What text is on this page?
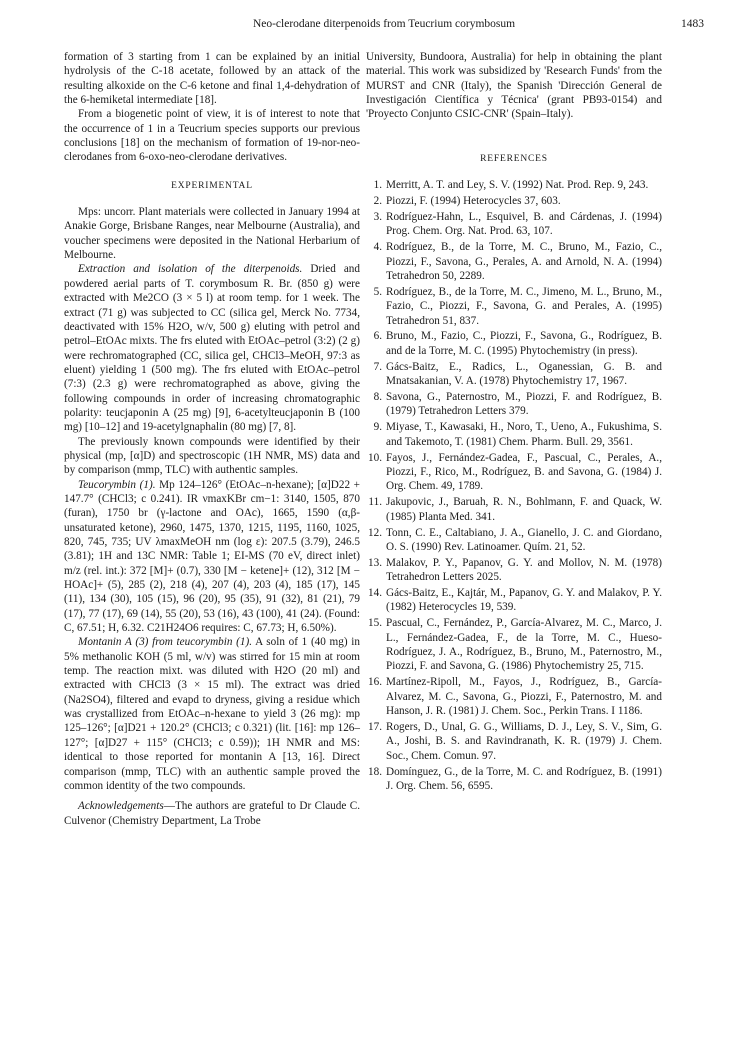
Neo-clerodane diterpenoids from Teucrium corymbosum	1483

formation of 3 starting from 1 can be explained by an initial hydrolysis of the C-18 acetate, followed by an attack of the resulting alkoxide on the C-6 ketone and final 1,4-dehydration of the 6-hemiketal intermediate [18].

From a biogenetic point of view, it is of interest to note that the occurrence of 1 in a Teucrium species supports our previous conclusions [18] on the mechanism of formation of 19-nor-neo-clerodanes from 6-oxo-neo-clerodane derivatives.

EXPERIMENTAL

Mps: uncorr. Plant materials were collected in January 1994 at Anakie Gorge, Brisbane Ranges, near Melbourne (Australia), and voucher specimens were deposited in the National Herbarium of Melbourne.

Extraction and isolation of the diterpenoids. Dried and powdered aerial parts of T. corymbosum R. Br. (850 g) were extracted with Me2CO (3 × 5 l) at room temp. for 1 week. The extract (71 g) was subjected to CC (silica gel, Merck No. 7734, deactivated with 15% H2O, w/v, 500 g) eluting with petrol and petrol–EtOAc mixts. The frs eluted with EtOAc–petrol (3:2) (2 g) were rechromatographed (CC, silica gel, CHCl3–MeOH, 97:3 as eluent) yielding 1 (500 mg). The frs eluted with EtOAc–petrol (7:3) (2.3 g) were rechromatographed as above, giving the following compounds in order of increasing chromatographic polarity: teucjaponin A (25 mg) [9], 6-acetylteucjaponin B (100 mg) [10–12] and 19-acetylgnaphalin (80 mg) [7, 8].

The previously known compounds were identified by their physical (mp, [α]D) and spectroscopic (1H NMR, MS) data and by comparison (mmp, TLC) with authentic samples.

Teucorymbin (1). Mp 124–126° (EtOAc–n-hexane); [α]D22 + 147.7° (CHCl3; c 0.241). IR νmaxKBr cm−1: 3140, 1505, 870 (furan), 1750 br (γ-lactone and OAc), 1665, 1590 (α,β-unsaturated ketone), 2960, 1475, 1370, 1215, 1195, 1160, 1025, 820, 745, 735; UV λmaxMeOH nm (log ε): 207.5 (3.79), 246.5 (3.81); 1H and 13C NMR: Table 1; EI-MS (70 eV, direct inlet) m/z (rel. int.): 372 [M]+ (0.7), 330 [M − ketene]+ (12), 312 [M − HOAc]+ (5), 285 (2), 218 (4), 207 (4), 203 (4), 185 (17), 145 (11), 134 (30), 105 (15), 96 (20), 95 (35), 91 (32), 81 (21), 79 (17), 77 (17), 69 (14), 55 (20), 53 (16), 43 (100), 41 (24). (Found: C, 67.51; H, 6.32. C21H24O6 requires: C, 67.73; H, 6.50%).

Montanin A (3) from teucorymbin (1). A soln of 1 (40 mg) in 5% methanolic KOH (5 ml, w/v) was stirred for 15 min at room temp. The reaction mixt. was diluted with H2O (20 ml) and extracted with CHCl3 (3 × 15 ml). The extract was dried (Na2SO4), filtered and evapd to dryness, giving a residue which was crystallized from EtOAc–n-hexane to yield 3 (26 mg): mp 125–126°; [α]D21 + 120.2° (CHCl3; c 0.321) (lit. [16]: mp 126–127°; [α]D27 + 115° (CHCl3; c 0.59)); 1H NMR and MS: identical to those reported for montanin A [13, 16]. Direct comparison (mmp, TLC) with an authentic sample proved the common identity of the two compounds.

Acknowledgements—The authors are grateful to Dr Claude C. Culvenor (Chemistry Department, La Trobe

University, Bundoora, Australia) for help in obtaining the plant material. This work was subsidized by 'Research Funds' from the MURST and CNR (Italy), the Spanish 'Dirección General de Investigación Científica y Técnica' (grant PB93-0154) and 'Proyecto Conjunto CSIC-CNR' (Spain–Italy).

REFERENCES
1. Merritt, A. T. and Ley, S. V. (1992) Nat. Prod. Rep. 9, 243.
2. Piozzi, F. (1994) Heterocycles 37, 603.
3. Rodríguez-Hahn, L., Esquivel, B. and Cárdenas, J. (1994) Prog. Chem. Org. Nat. Prod. 63, 107.
4. Rodríguez, B., de la Torre, M. C., Bruno, M., Fazio, C., Piozzi, F., Savona, G., Perales, A. and Arnold, N. A. (1994) Tetrahedron 50, 2289.
5. Rodríguez, B., de la Torre, M. C., Jimeno, M. L., Bruno, M., Fazio, C., Piozzi, F., Savona, G. and Perales, A. (1995) Tetrahedron 51, 837.
6. Bruno, M., Fazio, C., Piozzi, F., Savona, G., Rodríguez, B. and de la Torre, M. C. (1995) Phytochemistry (in press).
7. Gács-Baitz, E., Radics, L., Oganessian, G. B. and Mnatsakanian, V. A. (1978) Phytochemistry 17, 1967.
8. Savona, G., Paternostro, M., Piozzi, F. and Rodríguez, B. (1979) Tetrahedron Letters 379.
9. Miyase, T., Kawasaki, H., Noro, T., Ueno, A., Fukushima, S. and Takemoto, T. (1981) Chem. Pharm. Bull. 29, 3561.
10. Fayos, J., Fernández-Gadea, F., Pascual, C., Perales, A., Piozzi, F., Rico, M., Rodríguez, B. and Savona, G. (1984) J. Org. Chem. 49, 1789.
11. Jakupovic, J., Baruah, R. N., Bohlmann, F. and Quack, W. (1985) Planta Med. 341.
12. Tonn, C. E., Caltabiano, J. A., Gianello, J. C. and Giordano, O. S. (1990) Rev. Latinoamer. Quím. 21, 52.
13. Malakov, P. Y., Papanov, G. Y. and Mollov, N. M. (1978) Tetrahedron Letters 2025.
14. Gács-Baitz, E., Kajtár, M., Papanov, G. Y. and Malakov, P. Y. (1982) Heterocycles 19, 539.
15. Pascual, C., Fernández, P., García-Alvarez, M. C., Marco, J. L., Fernández-Gadea, F., de la Torre, M. C., Hueso-Rodríguez, J. A., Rodríguez, B., Bruno, M., Paternostro, M., Piozzi, F. and Savona, G. (1986) Phytochemistry 25, 715.
16. Martínez-Ripoll, M., Fayos, J., Rodríguez, B., García-Alvarez, M. C., Savona, G., Piozzi, F., Paternostro, M. and Hanson, J. R. (1981) J. Chem. Soc., Perkin Trans. I 1186.
17. Rogers, D., Unal, G. G., Williams, D. J., Ley, S. V., Sim, G. A., Joshi, B. S. and Ravindranath, K. R. (1979) J. Chem. Soc., Chem. Comun. 97.
18. Domínguez, G., de la Torre, M. C. and Rodríguez, B. (1991) J. Org. Chem. 56, 6595.
